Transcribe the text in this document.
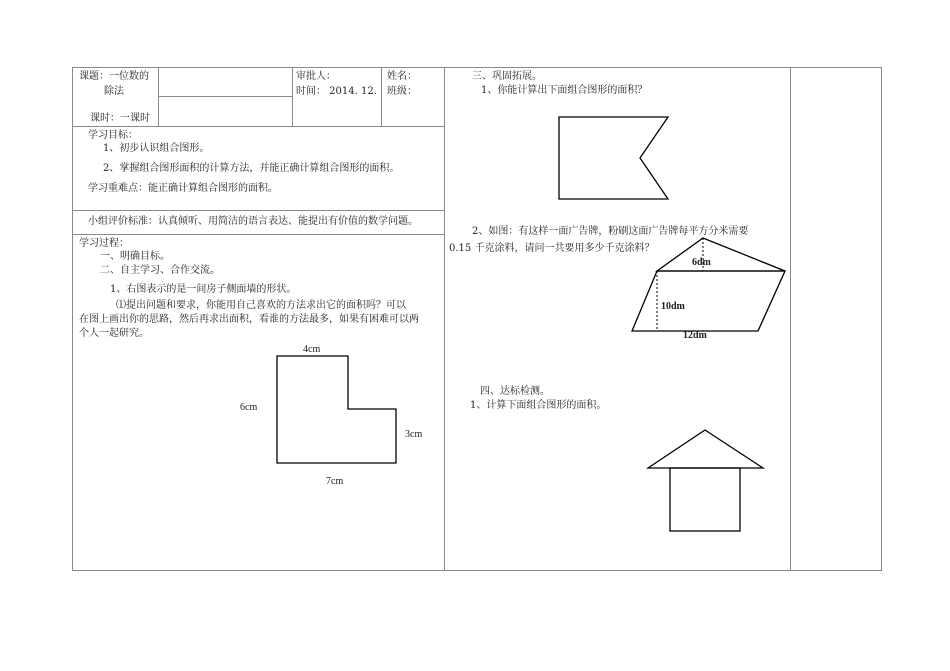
课题：一位数的
除法
课时：一课时
审批人：
时间： 2014. 12.
姓名：
班级：
学习目标：
1、初步认识组合图形。
2、掌握组合图形面积的计算方法，并能正确计算组合图形的面积。
学习重难点：能正确计算组合图形的面积。
小组评价标准：认真倾听、用简洁的语言表达、能提出有价值的数学问题。
学习过程：
一、明确目标。
二、自主学习、合作交流。
1、右图表示的是一间房子侧面墙的形状。
⑴提出问题和要求，你能用自己喜欢的方法求出它的面积吗？可以
在图上画出你的思路，然后再求出面积，看谁的方法最多，如果有困难可以两
个人一起研究。
三、巩固拓展。
1、你能计算出下面组合图形的面积？
2、如图：有这样一面广告牌，粉刷这面广告牌每平方分米需要
0.15 千克涂料，请问一共要用多少千克涂料？
四、达标检测。
1、计算下面组合图形的面积。
4cm
6cm
3cm
7cm
6dm
10dm
12dm
